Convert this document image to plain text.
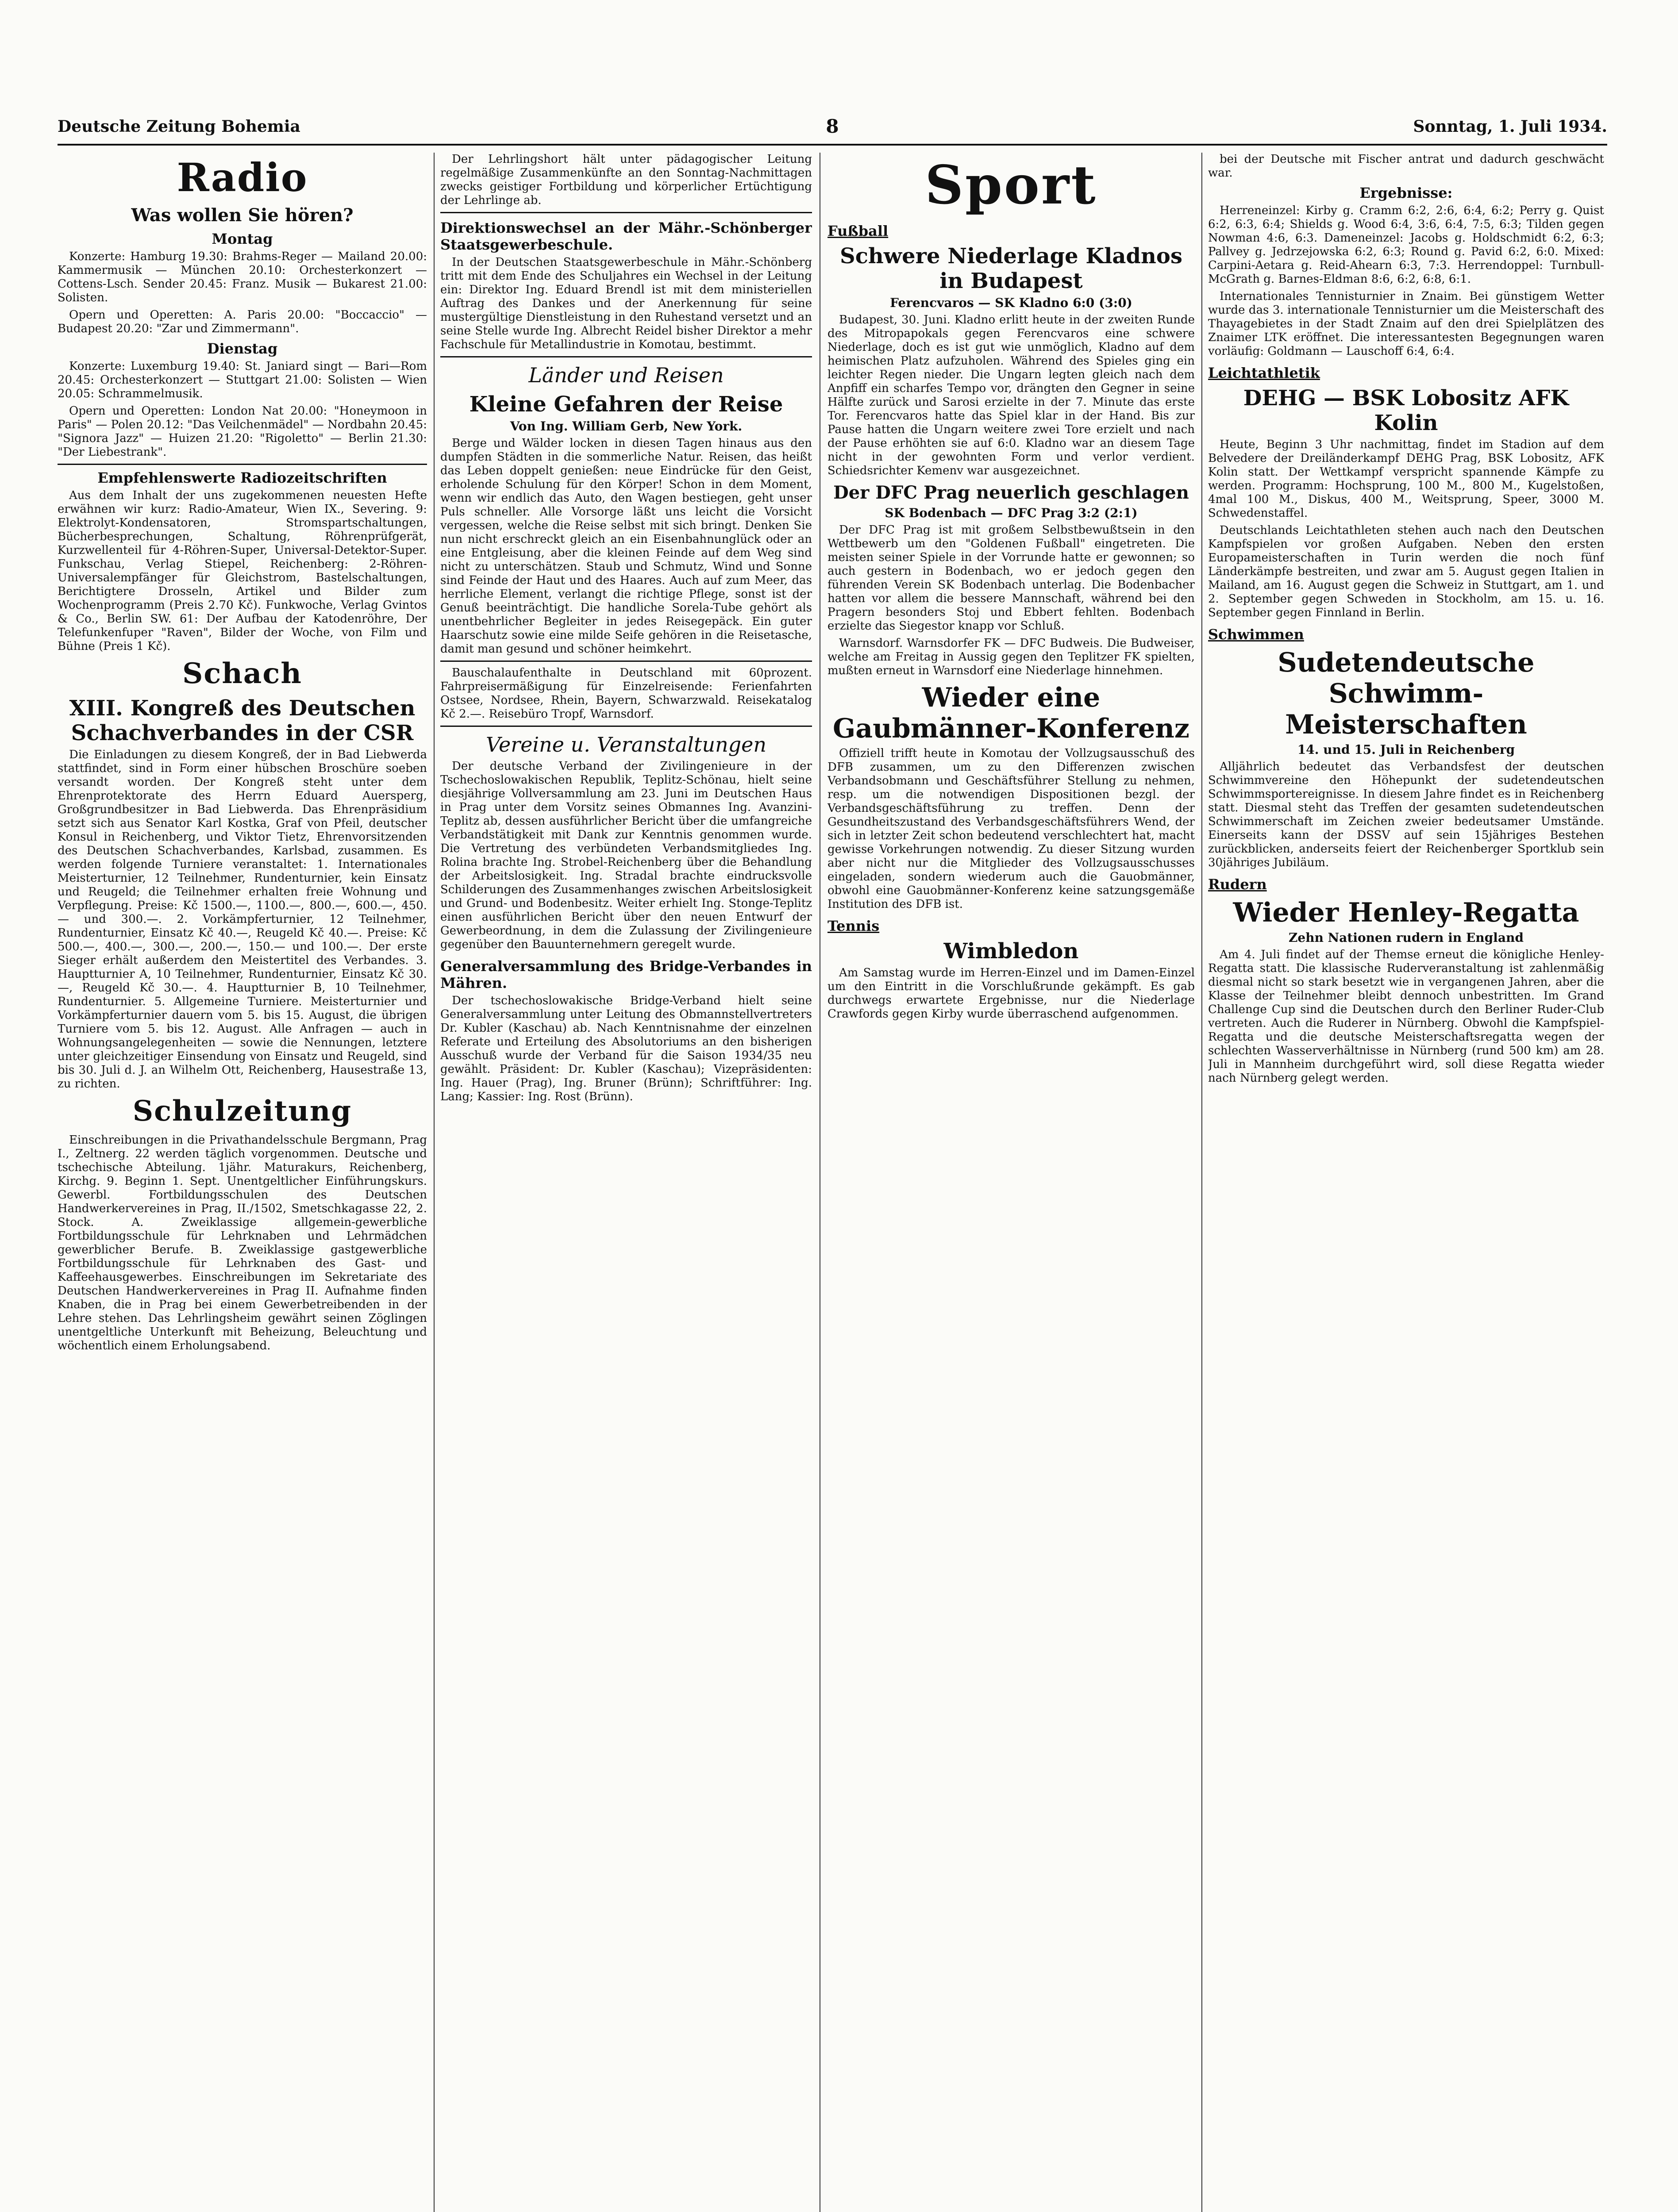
Deutsche Zeitung Bohemia	8	Sonntag, 1. Juli 1934.
Radio
Was wollen Sie hören?
Montag

Konzerte: Hamburg 19.30: Brahms-Reger — Mailand 20.00: Kammermusik — München 20.10: Orchesterkonzert — Cottens-Lsch. Sender 20.45: Franz. Musik — Bukarest 21.00: Solisten.

Opern und Operetten: A. Paris 20.00: "Boccaccio" — Budapest 20.20: "Zar und Zimmermann".

Dienstag

Konzerte: Luxemburg 19.40: St. Janiard singt — Bari—Rom 20.45: Orchesterkonzert — Stuttgart 21.00: Solisten — Wien 20.05: Schrammelmusik.

Opern und Operetten: London Nat 20.00: "Honeymoon in Paris" — Polen 20.12: "Das Veilchenmädel" — Nordbahn 20.45: "Signora Jazz" — Huizen 21.20: "Rigoletto" — Berlin 21.30: "Der Liebestrank".

Empfehlenswerte Radiozeitschriften

Aus dem Inhalt der uns zugekommenen neuesten Hefte erwähnen wir kurz: Radio-Amateur, Wien IX., Severing. 9: Elektrolyt-Kondensatoren, Stromspartschaltungen, Bücherbesprechungen, Schaltung, Röhrenprüfgerät, Kurzwellenteil für 4-Röhren-Super, Universal-Detektor-Super. Funkschau, Verlag Stiepel, Reichenberg: 2-Röhren-Universalempfänger für Gleichstrom, Bastelschaltungen, Berichtigtere Drosseln, Artikel und Bilder zum Wochenprogramm (Preis 2.70 Kč). Funkwoche, Verlag Gvintos & Co., Berlin SW. 61: Der Aufbau der Katodenröhre, Der Telefunkenfuper "Raven", Bilder der Woche, von Film und Bühne (Preis 1 Kč).

Schach
XIII. Kongreß des Deutschen Schachverbandes in der CSR

Die Einladungen zu diesem Kongreß, der in Bad Liebwerda stattfindet, sind in Form einer hübschen Broschüre soeben versandt worden. Der Kongreß steht unter dem Ehrenprotektorate des Herrn Eduard Auersperg, Großgrundbesitzer in Bad Liebwerda. Das Ehrenpräsidium setzt sich aus Senator Karl Kostka, Graf von Pfeil, deutscher Konsul in Reichenberg, und Viktor Tietz, Ehrenvorsitzenden des Deutschen Schachverbandes, Karlsbad, zusammen. Es werden folgende Turniere veranstaltet: 1. Internationales Meisterturnier, 12 Teilnehmer, Rundenturnier, kein Einsatz und Reugeld; die Teilnehmer erhalten freie Wohnung und Verpflegung. Preise: Kč 1500.—, 1100.—, 800.—, 600.—, 450.— und 300.—. 2. Vorkämpferturnier, 12 Teilnehmer, Rundenturnier, Einsatz Kč 40.—, Reugeld Kč 40.—. Preise: Kč 500.—, 400.—, 300.—, 200.—, 150.— und 100.—. Der erste Sieger erhält außerdem den Meistertitel des Verbandes. 3. Hauptturnier A, 10 Teilnehmer, Rundenturnier, Einsatz Kč 30.—, Reugeld Kč 30.—. 4. Hauptturnier B, 10 Teilnehmer, Rundenturnier. 5. Allgemeine Turniere. Meisterturnier und Vorkämpferturnier dauern vom 5. bis 15. August, die übrigen Turniere vom 5. bis 12. August. Alle Anfragen — auch in Wohnungsangelegenheiten — sowie die Nennungen, letztere unter gleichzeitiger Einsendung von Einsatz und Reugeld, sind bis 30. Juli d. J. an Wilhelm Ott, Reichenberg, Hausestraße 13, zu richten.

Schulzeitung

Einschreibungen in die Privathandelsschule Bergmann, Prag I., Zeltnerg. 22 werden täglich vorgenommen. Deutsche und tschechische Abteilung. 1jähr. Maturakurs, Reichenberg, Kirchg. 9. Beginn 1. Sept. Unentgeltlicher Einführungskurs. Gewerbl. Fortbildungsschulen des Deutschen Handwerkervereines in Prag, II./1502, Smetschkagasse 22, 2. Stock. A. Zweiklassige allgemein-gewerbliche Fortbildungsschule für Lehrknaben und Lehrmädchen gewerblicher Berufe. B. Zweiklassige gastgewerbliche Fortbildungsschule für Lehrknaben des Gast- und Kaffeehausgewerbes. Einschreibungen im Sekretariate des Deutschen Handwerkervereines in Prag II. Aufnahme finden Knaben, die in Prag bei einem Gewerbetreibenden in der Lehre stehen. Das Lehrlingsheim gewährt seinen Zöglingen unentgeltliche Unterkunft mit Beheizung, Beleuchtung und wöchentlich einem Erholungsabend.

Der Lehrlingshort hält unter pädagogischer Leitung regelmäßige Zusammenkünfte an den Sonntag-Nachmittagen zwecks geistiger Fortbildung und körperlicher Ertüchtigung der Lehrlinge ab.

Direktionswechsel an der Mähr.-Schönberger Staatsgewerbeschule.

In der Deutschen Staatsgewerbeschule in Mähr.-Schönberg tritt mit dem Ende des Schuljahres ein Wechsel in der Leitung ein: Direktor Ing. Eduard Brendl ist mit dem ministeriellen Auftrag des Dankes und der Anerkennung für seine mustergültige Dienstleistung in den Ruhestand versetzt und an seine Stelle wurde Ing. Albrecht Reidel bisher Direktor a mehr Fachschule für Metallindustrie in Komotau, bestimmt.

Länder und Reisen
Kleine Gefahren der Reise
Von Ing. William Gerb, New York.

Berge und Wälder locken in diesen Tagen hinaus aus den dumpfen Städten in die sommerliche Natur. Reisen, das heißt das Leben doppelt genießen: neue Eindrücke für den Geist, erholende Schulung für den Körper! Schon in dem Moment, wenn wir endlich das Auto, den Wagen bestiegen, geht unser Puls schneller. Alle Vorsorge läßt uns leicht die Vorsicht vergessen, welche die Reise selbst mit sich bringt. Denken Sie nun nicht erschreckt gleich an ein Eisenbahnunglück oder an eine Entgleisung, aber die kleinen Feinde auf dem Weg sind nicht zu unterschätzen. Staub und Schmutz, Wind und Sonne sind Feinde der Haut und des Haares. Auch auf zum Meer, das herrliche Element, verlangt die richtige Pflege, sonst ist der Genuß beeinträchtigt. Die handliche Sorela-Tube gehört als unentbehrlicher Begleiter in jedes Reisegepäck. Ein guter Haarschutz sowie eine milde Seife gehören in die Reisetasche, damit man gesund und schöner heimkehrt.

Bauschalaufenthalte in Deutschland mit 60prozent. Fahrpreisermäßigung für Einzelreisende: Ferienfahrten Ostsee, Nordsee, Rhein, Bayern, Schwarzwald. Reisekatalog Kč 2.—. Reisebüro Tropf, Warnsdorf.

Vereine u. Veranstaltungen

Der deutsche Verband der Zivilingenieure in der Tschechoslowakischen Republik, Teplitz-Schönau, hielt seine diesjährige Vollversammlung am 23. Juni im Deutschen Haus in Prag unter dem Vorsitz seines Obmannes Ing. Avanzini-Teplitz ab, dessen ausführlicher Bericht über die umfangreiche Verbandstätigkeit mit Dank zur Kenntnis genommen wurde. Die Vertretung des verbündeten Verbandsmitgliedes Ing. Rolina brachte Ing. Strobel-Reichenberg über die Behandlung der Arbeitslosigkeit. Ing. Stradal brachte eindrucksvolle Schilderungen des Zusammenhanges zwischen Arbeitslosigkeit und Grund- und Bodenbesitz. Weiter erhielt Ing. Stonge-Teplitz einen ausführlichen Bericht über den neuen Entwurf der Gewerbeordnung, in dem die Zulassung der Zivilingenieure gegenüber den Bauunternehmern geregelt wurde.

Generalversammlung des Bridge-Verbandes in Mähren.

Der tschechoslowakische Bridge-Verband hielt seine Generalversammlung unter Leitung des Obmannstellvertreters Dr. Kubler (Kaschau) ab. Nach Kenntnisnahme der einzelnen Referate und Erteilung des Absolutoriums an den bisherigen Ausschuß wurde der Verband für die Saison 1934/35 neu gewählt. Präsident: Dr. Kubler (Kaschau); Vizepräsidenten: Ing. Hauer (Prag), Ing. Bruner (Brünn); Schriftführer: Ing. Lang; Kassier: Ing. Rost (Brünn).

Sport
Fußball
Schwere Niederlage Kladnos in Budapest
Ferencvaros — SK Kladno 6:0 (3:0)

Budapest, 30. Juni. Kladno erlitt heute in der zweiten Runde des Mitropapokals gegen Ferencvaros eine schwere Niederlage, doch es ist gut wie unmöglich, Kladno auf dem heimischen Platz aufzuholen. Während des Spieles ging ein leichter Regen nieder. Die Ungarn legten gleich nach dem Anpfiff ein scharfes Tempo vor, drängten den Gegner in seine Hälfte zurück und Sarosi erzielte in der 7. Minute das erste Tor. Ferencvaros hatte das Spiel klar in der Hand. Bis zur Pause hatten die Ungarn weitere zwei Tore erzielt und nach der Pause erhöhten sie auf 6:0. Kladno war an diesem Tage nicht in der gewohnten Form und verlor verdient. Schiedsrichter Kemenv war ausgezeichnet.

Der DFC Prag neuerlich geschlagen
SK Bodenbach — DFC Prag 3:2 (2:1)

Der DFC Prag ist mit großem Selbstbewußtsein in den Wettbewerb um den "Goldenen Fußball" eingetreten. Die meisten seiner Spiele in der Vorrunde hatte er gewonnen; so auch gestern in Bodenbach, wo er jedoch gegen den führenden Verein SK Bodenbach unterlag. Die Bodenbacher hatten vor allem die bessere Mannschaft, während bei den Pragern besonders Stoj und Ebbert fehlten. Bodenbach erzielte das Siegestor knapp vor Schluß.

Warnsdorf. Warnsdorfer FK — DFC Budweis. Die Budweiser, welche am Freitag in Aussig gegen den Teplitzer FK spielten, mußten erneut in Warnsdorf eine Niederlage hinnehmen.

Wieder eine Gaubmänner-Konferenz

Offiziell trifft heute in Komotau der Vollzugsausschuß des DFB zusammen, um zu den Differenzen zwischen Verbandsobmann und Geschäftsführer Stellung zu nehmen, resp. um die notwendigen Dispositionen bezgl. der Verbandsgeschäftsführung zu treffen. Denn der Gesundheitszustand des Verbandsgeschäftsführers Wend, der sich in letzter Zeit schon bedeutend verschlechtert hat, macht gewisse Vorkehrungen notwendig. Zu dieser Sitzung wurden aber nicht nur die Mitglieder des Vollzugsausschusses eingeladen, sondern wiederum auch die Gauobmänner, obwohl eine Gauobmänner-Konferenz keine satzungsgemäße Institution des DFB ist.

Tennis
Wimbledon

Am Samstag wurde im Herren-Einzel und im Damen-Einzel um den Eintritt in die Vorschlußrunde gekämpft. Es gab durchwegs erwartete Ergebnisse, nur die Niederlage Crawfords gegen Kirby wurde überraschend aufgenommen.

bei der Deutsche mit Fischer antrat und dadurch geschwächt war.

Ergebnisse:

Herreneinzel: Kirby g. Cramm 6:2, 2:6, 6:4, 6:2; Perry g. Quist 6:2, 6:3, 6:4; Shields g. Wood 6:4, 3:6, 6:4, 7:5, 6:3; Tilden gegen Nowman 4:6, 6:3. Dameneinzel: Jacobs g. Holdschmidt 6:2, 6:3; Pallvey g. Jedrzejowska 6:2, 6:3; Round g. Pavid 6:2, 6:0. Mixed: Carpini-Aetara g. Reid-Ahearn 6:3, 7:3. Herrendoppel: Turnbull-McGrath g. Barnes-Eldman 8:6, 6:2, 6:8, 6:1.

Internationales Tennisturnier in Znaim. Bei günstigem Wetter wurde das 3. internationale Tennisturnier um die Meisterschaft des Thayagebietes in der Stadt Znaim auf den drei Spielplätzen des Znaimer LTK eröffnet. Die interessantesten Begegnungen waren vorläufig: Goldmann — Lauschoff 6:4, 6:4.

Leichtathletik
DEHG — BSK Lobositz AFK Kolin

Heute, Beginn 3 Uhr nachmittag, findet im Stadion auf dem Belvedere der Dreiländerkampf DEHG Prag, BSK Lobositz, AFK Kolin statt. Der Wettkampf verspricht spannende Kämpfe zu werden. Programm: Hochsprung, 100 M., 800 M., Kugelstoßen, 4mal 100 M., Diskus, 400 M., Weitsprung, Speer, 3000 M. Schwedenstaffel.

Deutschlands Leichtathleten stehen auch nach den Deutschen Kampfspielen vor großen Aufgaben. Neben den ersten Europameisterschaften in Turin werden die noch fünf Länderkämpfe bestreiten, und zwar am 5. August gegen Italien in Mailand, am 16. August gegen die Schweiz in Stuttgart, am 1. und 2. September gegen Schweden in Stockholm, am 15. u. 16. September gegen Finnland in Berlin.

Schwimmen
Sudetendeutsche Schwimm-Meisterschaften
14. und 15. Juli in Reichenberg

Alljährlich bedeutet das Verbandsfest der deutschen Schwimmvereine den Höhepunkt der sudetendeutschen Schwimmsportereignisse. In diesem Jahre findet es in Reichenberg statt. Diesmal steht das Treffen der gesamten sudetendeutschen Schwimmerschaft im Zeichen zweier bedeutsamer Umstände. Einerseits kann der DSSV auf sein 15jähriges Bestehen zurückblicken, anderseits feiert der Reichenberger Sportklub sein 30jähriges Jubiläum.

Rudern
Wieder Henley-Regatta
Zehn Nationen rudern in England

Am 4. Juli findet auf der Themse erneut die königliche Henley-Regatta statt. Die klassische Ruderveranstaltung ist zahlenmäßig diesmal nicht so stark besetzt wie in vergangenen Jahren, aber die Klasse der Teilnehmer bleibt dennoch unbestritten. Im Grand Challenge Cup sind die Deutschen durch den Berliner Ruder-Club vertreten. Auch die Ruderer in Nürnberg. Obwohl die Kampfspiel-Regatta und die deutsche Meisterschaftsregatta wegen der schlechten Wasserverhältnisse in Nürnberg (rund 500 km) am 28. Juli in Mannheim durchgeführt wird, soll diese Regatta wieder nach Nürnberg gelegt werden.
